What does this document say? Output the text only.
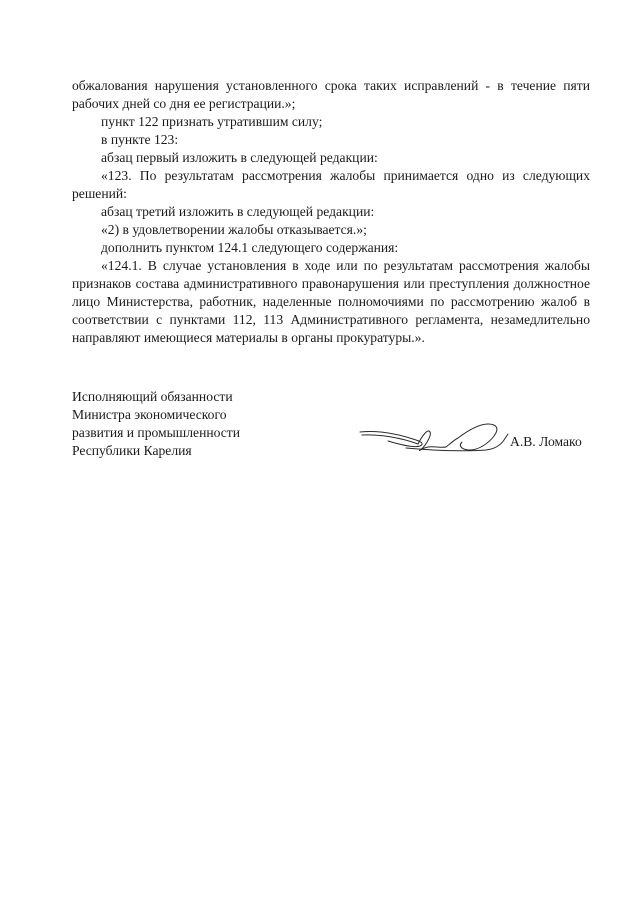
обжалования нарушения установленного срока таких исправлений - в течение пяти рабочих дней со дня ее регистрации.»;

пункт 122 признать утратившим силу;

в пункте 123:

абзац первый изложить в следующей редакции:

«123. По результатам рассмотрения жалобы принимается одно из следующих решений:

абзац третий изложить в следующей редакции:

«2) в удовлетворении жалобы отказывается.»;

дополнить пунктом 124.1 следующего содержания:

«124.1. В случае установления в ходе или по результатам рассмотрения жалобы признаков состава административного правонарушения или преступления должностное лицо Министерства, работник, наделенные полномочиями по рассмотрению жалоб в соответствии с пунктами 112, 113 Административного регламента, незамедлительно направляют имеющиеся материалы в органы прокуратуры.».

Исполняющий обязанности
Министра экономического
развития и промышленности
Республики Карелия
А.В. Ломако
